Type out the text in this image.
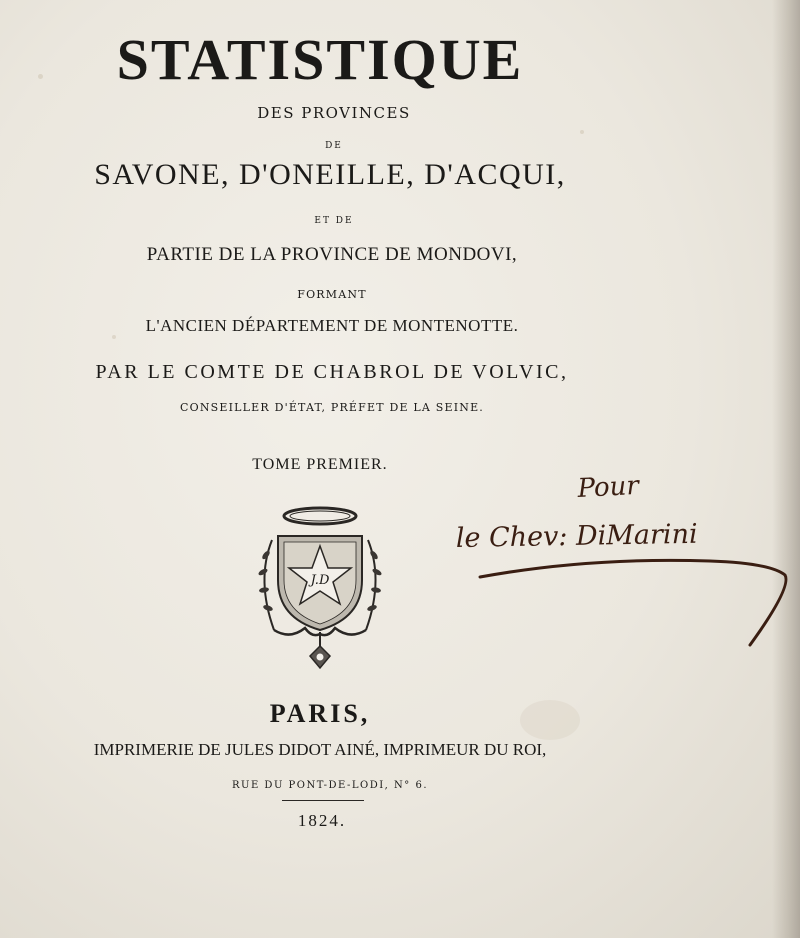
STATISTIQUE
DES PROVINCES
DE
SAVONE, D'ONEILLE, D'ACQUI,
ET DE
PARTIE DE LA PROVINCE DE MONDOVI,
FORMANT
L'ANCIEN DÉPARTEMENT DE MONTENOTTE.
PAR LE COMTE DE CHABROL DE VOLVIC,
CONSEILLER D'ÉTAT, PRÉFET DE LA SEINE.
TOME PREMIER.
J.D
PARIS,
IMPRIMERIE DE JULES DIDOT AINÉ, IMPRIMEUR DU ROI,
RUE DU PONT-DE-LODI, N° 6.
1824.
Pour
le Chev: DiMarini
